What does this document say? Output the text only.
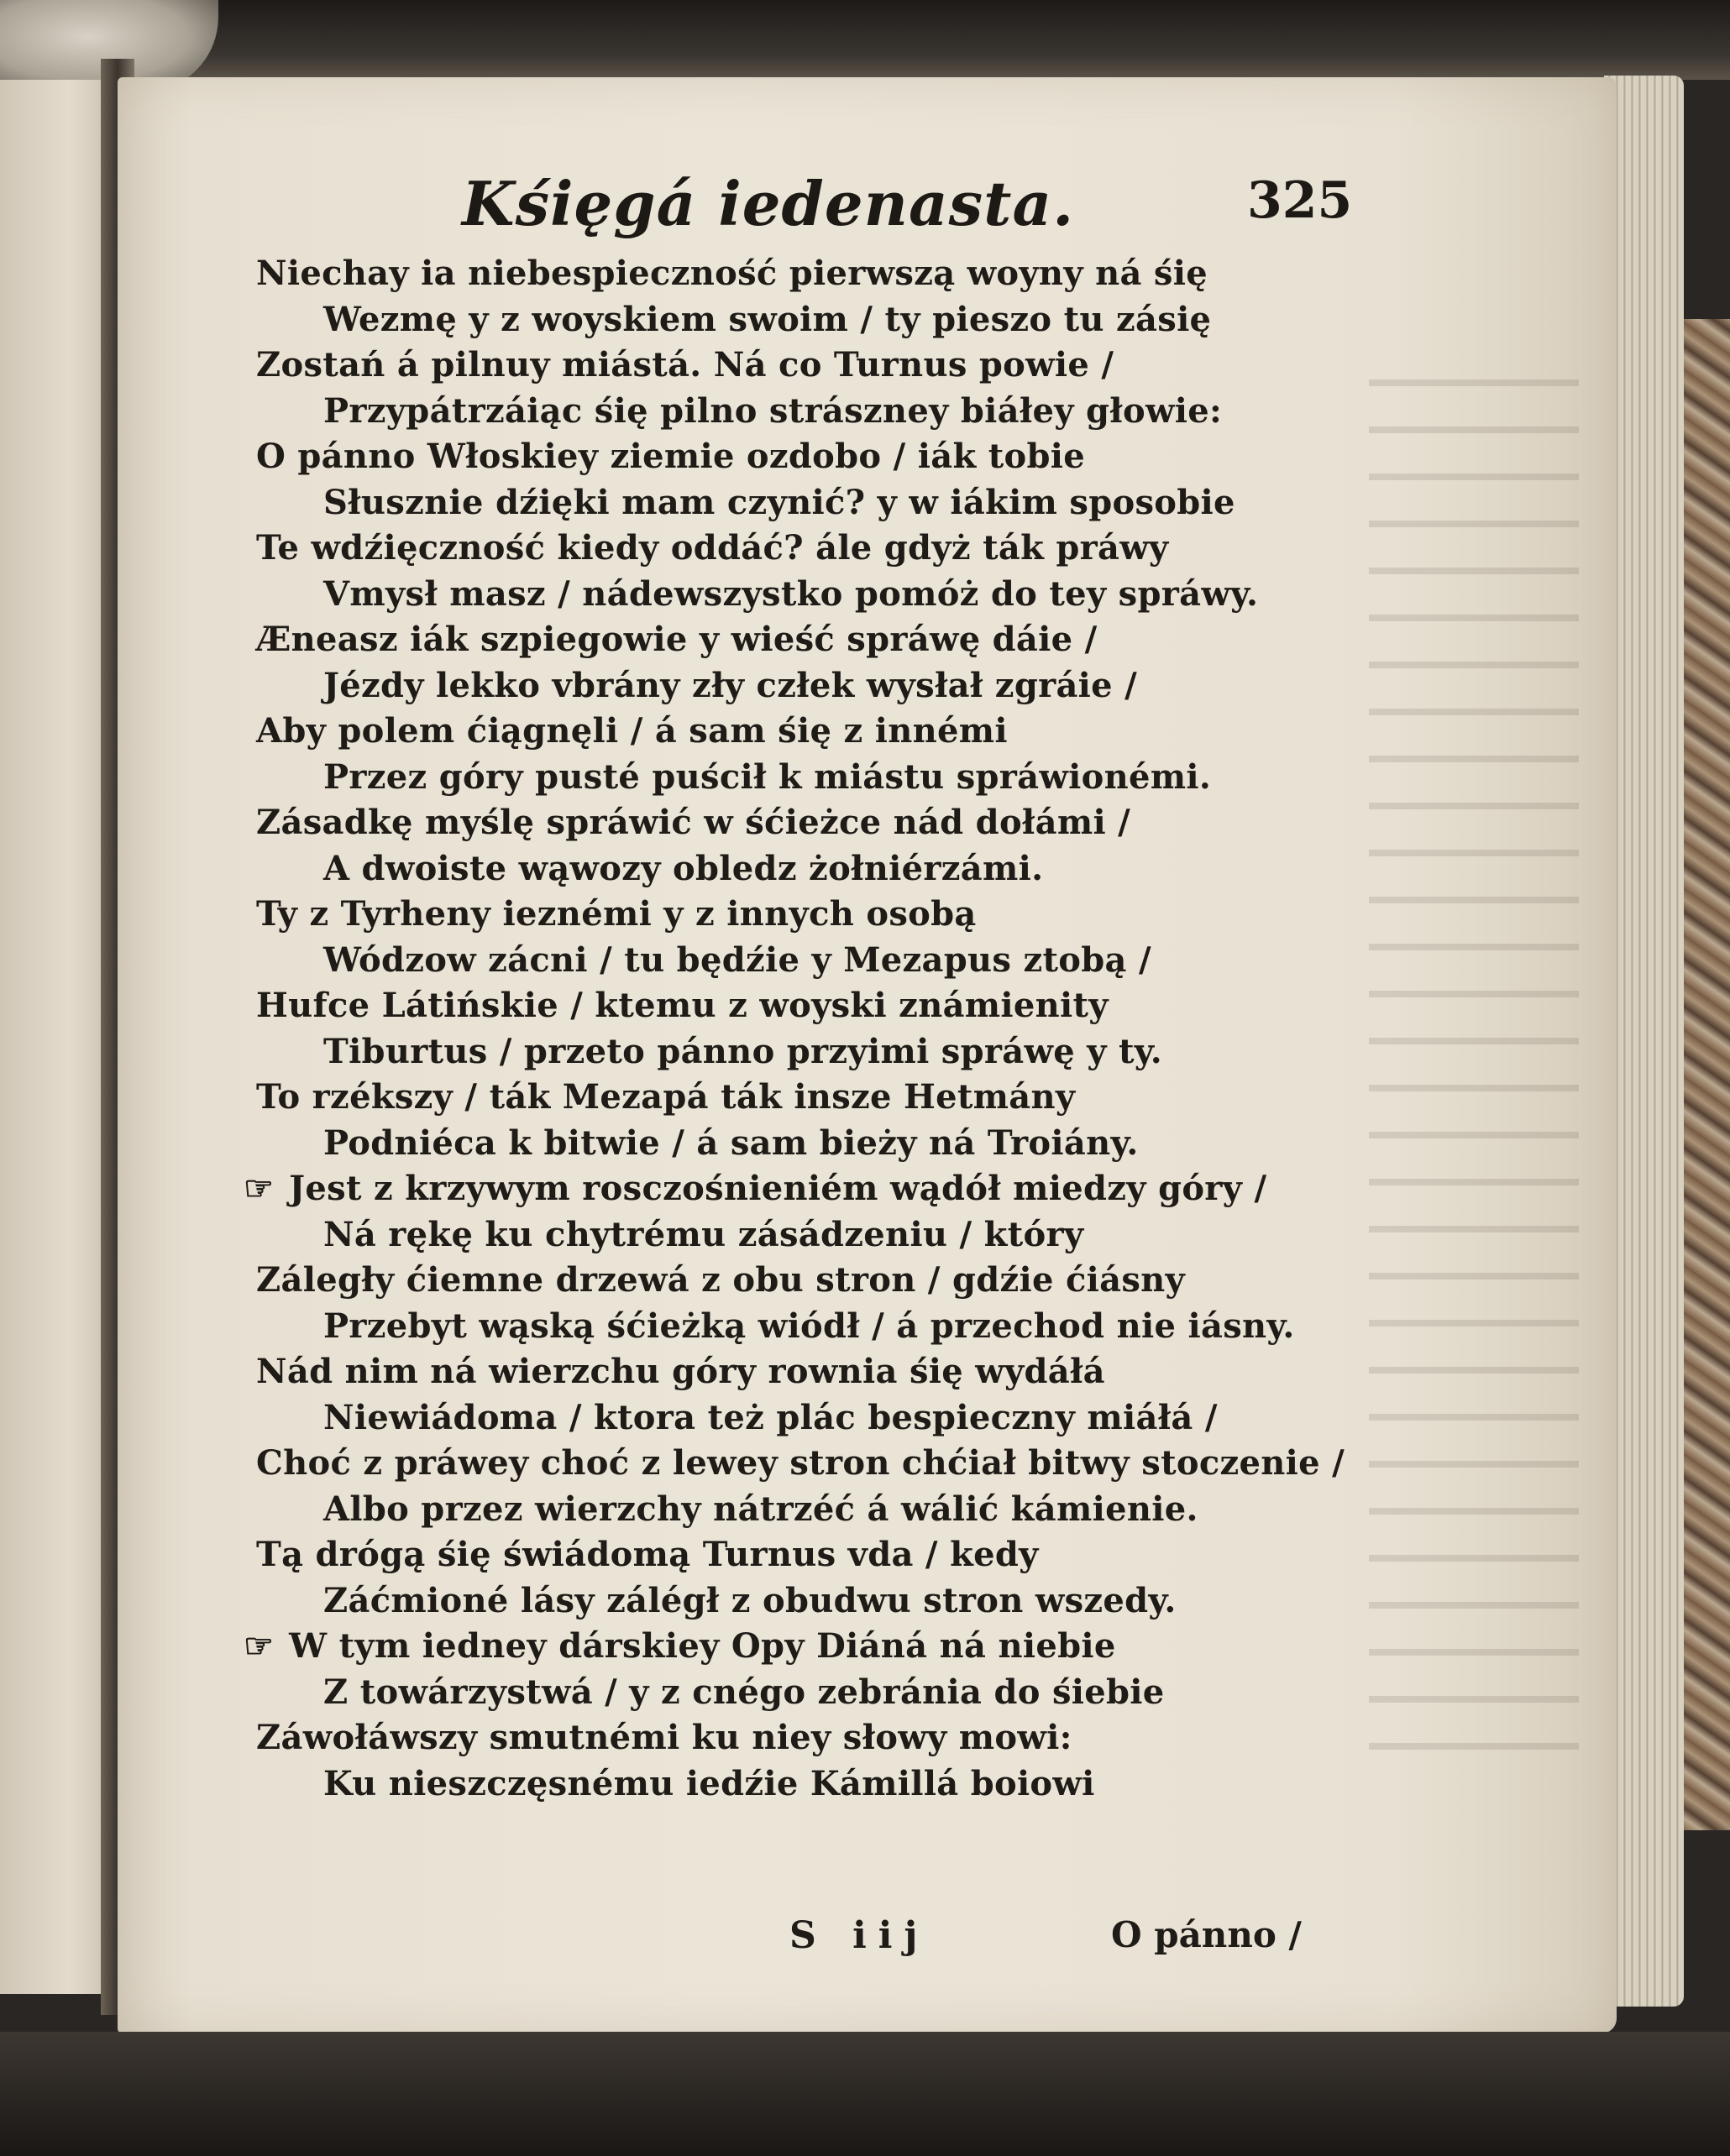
Kśięgá iedenasta.	325
Niechay ia niebespieczność pierwszą woyny ná śię
Wezmę y z woyskiem swoim / ty pieszo tu zásię
Zostań á pilnuy miástá. Ná co Turnus powie /
Przypátrzáiąc śię pilno strászney biáłey głowie:
O pánno Włoskiey ziemie ozdobo / iák tobie
Słusznie dźięki mam czynić? y w iákim sposobie
Te wdźięczność kiedy oddáć? ále gdyż ták práwy
Vmysł masz / nádewszystko pomóż do tey spráwy.
Æneasz iák szpiegowie y wieść spráwę dáie /
Jézdy lekko vbrány zły człek wysłał zgráie /
Aby polem ćiągnęli / á sam śię z innémi
Przez góry pusté puścił k miástu spráwionémi.
Zásadkę myślę spráwić w śćieżce nád dołámi /
A dwoiste wąwozy obledz żołniérzámi.
Ty z Tyrheny ieznémi y z innych osobą
Wódzow zácni / tu będźie y Mezapus ztobą /
Hufce Látińskie / ktemu z woyski známienity
Tiburtus / przeto pánno przyimi spráwę y ty.
To rzékszy / ták Mezapá ták insze Hetmány
Podniéca k bitwie / á sam bieży ná Troiány.
☞ Jest z krzywym rosczośnieniém wądół miedzy góry /
Ná rękę ku chytrému zásádzeniu / który
Záległy ćiemne drzewá z obu stron / gdźie ćiásny
Przebyt wąską śćieżką wiódł / á przechod nie iásny.
Nád nim ná wierzchu góry rownia śię wydáłá
Niewiádoma / ktora też plác bespieczny miáłá /
Choć z práwey choć z lewey stron chćiał bitwy stoczenie /
Albo przez wierzchy nátrzéć á wálić kámienie.
Tą drógą śię świádomą Turnus vda / kedy
Záćmioné lásy zálégł z obudwu stron wszedy.
☞ W tym iedney dárskiey Opy Diáná ná niebie
Z towárzystwá / y z cnégo zebránia do śiebie
Záwołáwszy smutnémi ku niey słowy mowi:
Ku nieszczęsnému iedźie Kámillá boiowi
S iij	O pánno /
